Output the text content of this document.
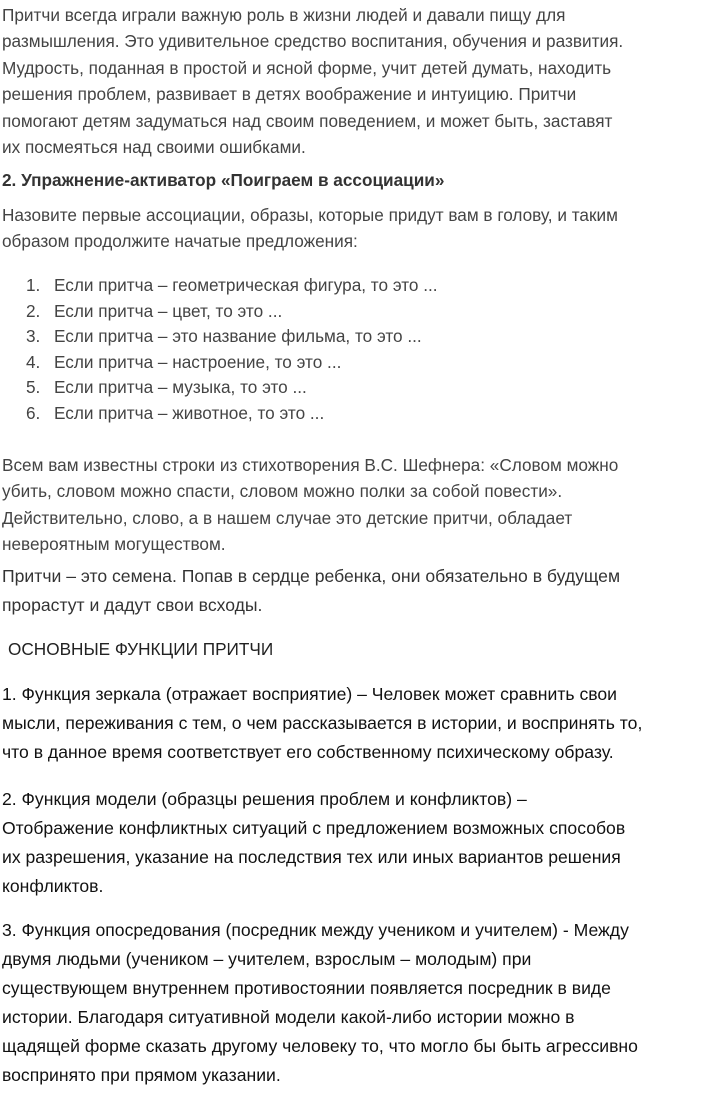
Притчи всегда играли важную роль в жизни людей и давали пищу для
размышления. Это удивительное средство воспитания, обучения и развития.
Мудрость, поданная в простой и ясной форме, учит детей думать, находить
решения проблем, развивает в детях воображение и интуицию. Притчи
помогают детям задуматься над своим поведением, и может быть, заставят
их посмеяться над своими ошибками.

2. Упражнение-активатор «Поиграем в ассоциации»

Назовите первые ассоциации, образы, которые придут вам в голову, и таким
образом продолжите начатые предложения:

1. Если притча – геометрическая фигура, то это ...
2. Если притча – цвет, то это ...
3. Если притча – это название фильма, то это ...
4. Если притча – настроение, то это ...
5. Если притча – музыка, то это ...
6. Если притча – животное, то это ...

Всем вам известны строки из стихотворения В.С. Шефнера: «Словом можно
убить, словом можно спасти, словом можно полки за собой повести».
Действительно, слово, а в нашем случае это детские притчи, обладает
невероятным могуществом.

Притчи – это семена. Попав в сердце ребенка, они обязательно в будущем
прорастут и дадут свои всходы.

ОСНОВНЫЕ ФУНКЦИИ ПРИТЧИ

1. Функция зеркала (отражает восприятие) – Человек может сравнить свои
мысли, переживания с тем, о чем рассказывается в истории, и воспринять то,
что в данное время соответствует его собственному психическому образу.

2. Функция модели (образцы решения проблем и конфликтов) –
Отображение конфликтных ситуаций с предложением возможных способов
их разрешения, указание на последствия тех или иных вариантов решения
конфликтов.

3. Функция опосредования (посредник между учеником и учителем) - Между
двумя людьми (учеником – учителем, взрослым – молодым) при
существующем внутреннем противостоянии появляется посредник в виде
истории. Благодаря ситуативной модели какой-либо истории можно в
щадящей форме сказать другому человеку то, что могло бы быть агрессивно
воспринято при прямом указании.
